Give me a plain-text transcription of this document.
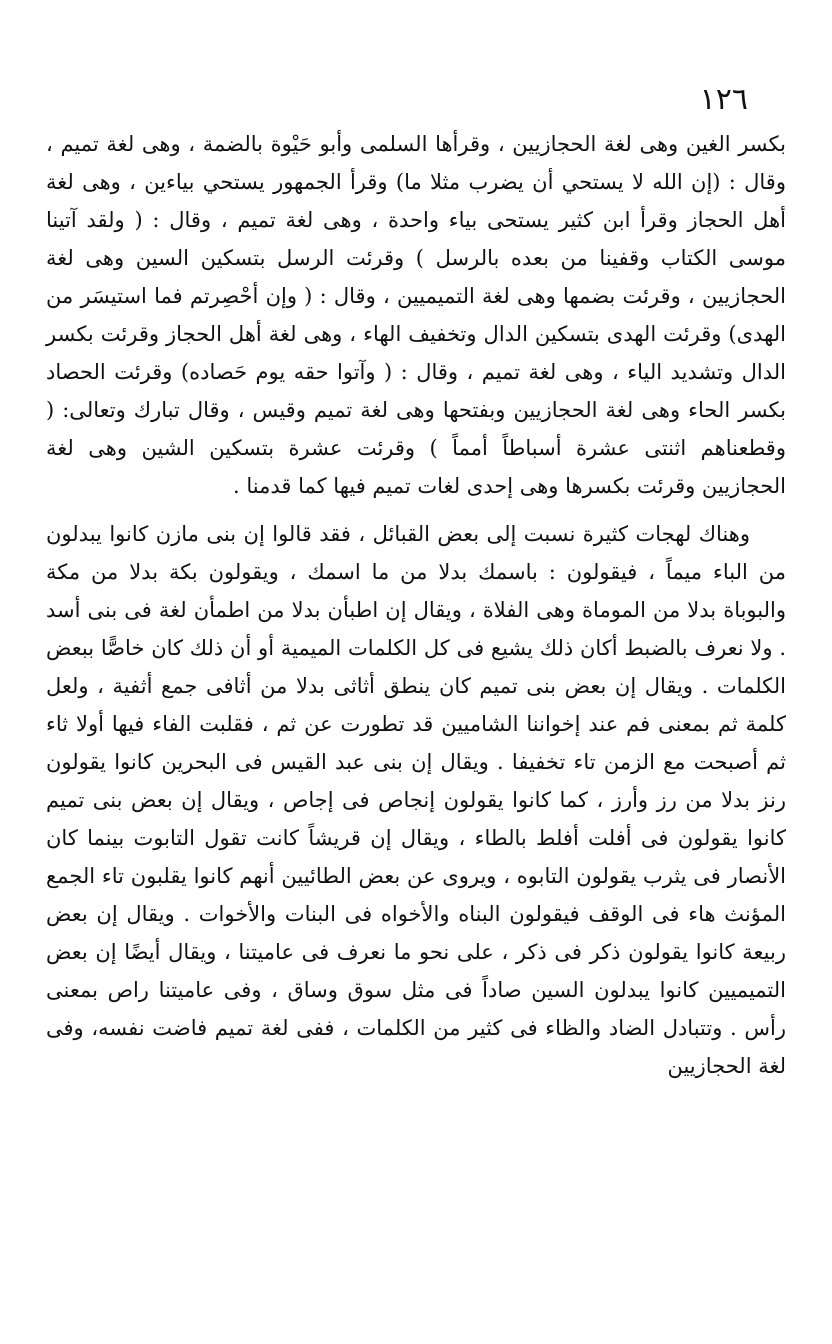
١٢٦

بكسر الغين وهى لغة الحجازيين ، وقرأها السلمى وأبو حَيْوة بالضمة ، وهى لغة تميم ، وقال : (إن الله لا يستحي أن يضرب مثلا ما) وقرأ الجمهور يستحي بياءين ، وهى لغة أهل الحجاز وقرأ ابن كثير يستحى بياء واحدة ، وهى لغة تميم ، وقال : ( ولقد آتينا موسى الكتاب وقفينا من بعده بالرسل ) وقرئت الرسل بتسكين السين وهى لغة الحجازيين ، وقرئت بضمها وهى لغة التميميين ، وقال : ( وإن أحْصِرتم فما استيسَر من الهدى) وقرئت الهدى بتسكين الدال وتخفيف الهاء ، وهى لغة أهل الحجاز وقرئت بكسر الدال وتشديد الياء ، وهى لغة تميم ، وقال : ( وآتوا حقه يوم حَصاده) وقرئت الحصاد بكسر الحاء وهى لغة الحجازيين وبفتحها وهى لغة تميم وقيس ، وقال تبارك وتعالى: ( وقطعناهم اثنتى عشرة أسباطاً أمماً ) وقرئت عشرة بتسكين الشين وهى لغة الحجازيين وقرئت بكسرها وهى إحدى لغات تميم فيها كما قدمنا .

وهناك لهجات كثيرة نسبت إلى بعض القبائل ، فقد قالوا إن بنى مازن كانوا يبدلون من الباء ميماً ، فيقولون : باسمك بدلا من ما اسمك ، ويقولون بكة بدلا من مكة والبوباة بدلا من الموماة وهى الفلاة ، ويقال إن اطبأن بدلا من اطمأن لغة فى بنى أسد . ولا نعرف بالضبط أكان ذلك يشيع فى كل الكلمات الميمية أو أن ذلك كان خاصًّا ببعض الكلمات . ويقال إن بعض بنى تميم كان ينطق أثاثى بدلا من أثافى جمع أثفية ، ولعل كلمة ثم بمعنى فم عند إخواننا الشاميين قد تطورت عن ثم ، فقلبت الفاء فيها أولا ثاء ثم أصبحت مع الزمن تاء تخفيفا . ويقال إن بنى عبد القيس فى البحرين كانوا يقولون رنز بدلا من رز وأرز ، كما كانوا يقولون إنجاص فى إجاص ، ويقال إن بعض بنى تميم كانوا يقولون فى أفلت أفلط بالطاء ، ويقال إن قريشاً كانت تقول التابوت بينما كان الأنصار فى يثرب يقولون التابوه ، ويروى عن بعض الطائيين أنهم كانوا يقلبون تاء الجمع المؤنث هاء فى الوقف فيقولون البناه والأخواه فى البنات والأخوات . ويقال إن بعض ربيعة كانوا يقولون ذكر فى ذكر ، على نحو ما نعرف فى عاميتنا ، ويقال أيضًا إن بعض التميميين كانوا يبدلون السين صاداً فى مثل سوق وساق ، وفى عاميتنا راص بمعنى رأس . وتتبادل الضاد والظاء فى كثير من الكلمات ، ففى لغة تميم فاضت نفسه، وفى لغة الحجازيين
